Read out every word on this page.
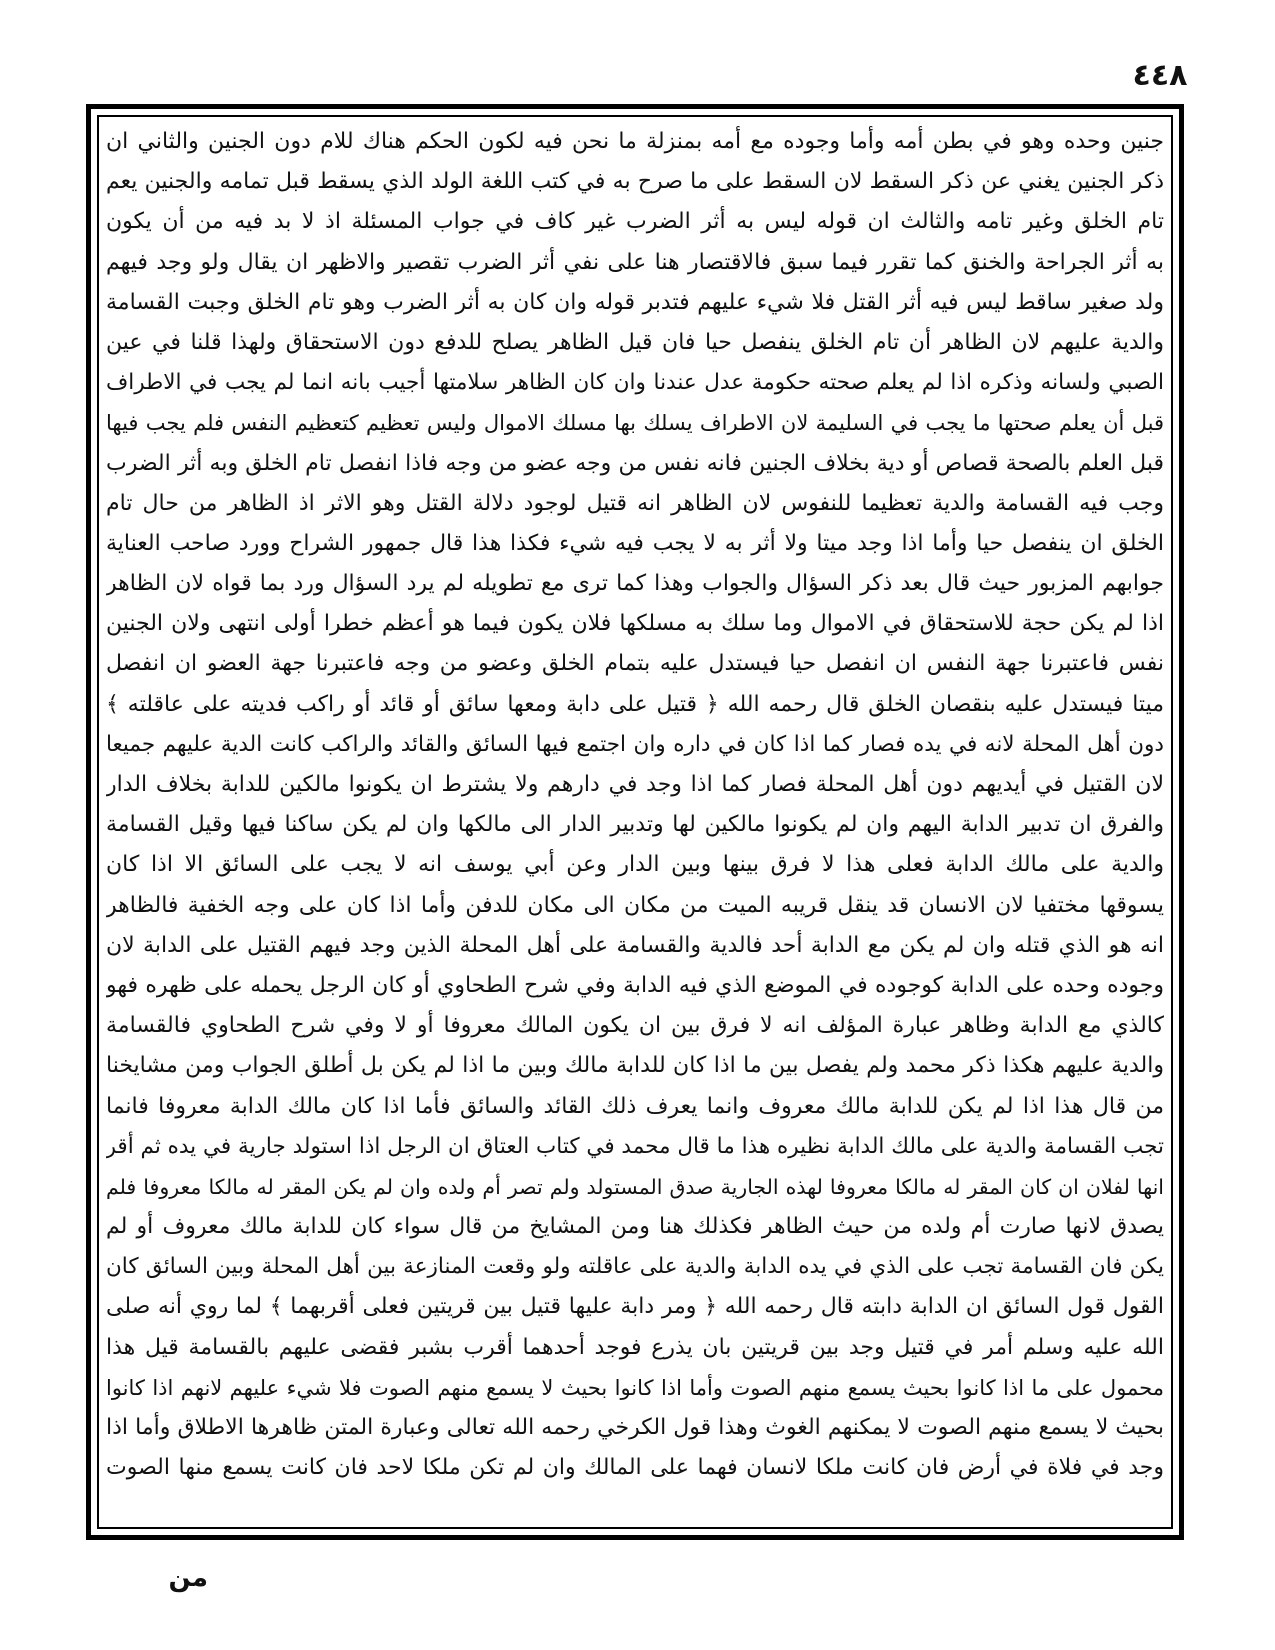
٤٤٨
جنين وحده وهو في بطن أمه وأما وجوده مع أمه بمنزلة ما نحن فيه لكون الحكم هناك للام دون الجنين والثاني ان
ذكر الجنين يغني عن ذكر السقط لان السقط على ما صرح به في كتب اللغة الولد الذي يسقط قبل تمامه والجنين يعم
تام الخلق وغير تامه والثالث ان قوله ليس به أثر الضرب غير كاف في جواب المسئلة اذ لا بد فيه من أن يكون
به أثر الجراحة والخنق كما تقرر فيما سبق فالاقتصار هنا على نفي أثر الضرب تقصير والاظهر ان يقال ولو وجد فيهم
ولد صغير ساقط ليس فيه أثر القتل فلا شيء عليهم فتدبر قوله وان كان به أثر الضرب وهو تام الخلق وجبت القسامة
والدية عليهم لان الظاهر أن تام الخلق ينفصل حيا فان قيل الظاهر يصلح للدفع دون الاستحقاق ولهذا قلنا في عين
الصبي ولسانه وذكره اذا لم يعلم صحته حكومة عدل عندنا وان كان الظاهر سلامتها أجيب بانه انما لم يجب في الاطراف
قبل أن يعلم صحتها ما يجب في السليمة لان الاطراف يسلك بها مسلك الاموال وليس تعظيم كتعظيم النفس فلم يجب فيها
قبل العلم بالصحة قصاص أو دية بخلاف الجنين فانه نفس من وجه عضو من وجه فاذا انفصل تام الخلق وبه أثر الضرب
وجب فيه القسامة والدية تعظيما للنفوس لان الظاهر انه قتيل لوجود دلالة القتل وهو الاثر اذ الظاهر من حال تام
الخلق ان ينفصل حيا وأما اذا وجد ميتا ولا أثر به لا يجب فيه شيء فكذا هذا قال جمهور الشراح وورد صاحب العناية
جوابهم المزبور حيث قال بعد ذكر السؤال والجواب وهذا كما ترى مع تطويله لم يرد السؤال ورد بما قواه لان الظاهر
اذا لم يكن حجة للاستحقاق في الاموال وما سلك به مسلكها فلان يكون فيما هو أعظم خطرا أولى انتهى ولان الجنين
نفس فاعتبرنا جهة النفس ان انفصل حيا فيستدل عليه بتمام الخلق وعضو من وجه فاعتبرنا جهة العضو ان انفصل
ميتا فيستدل عليه بنقصان الخلق قال رحمه الله ﴿ قتيل على دابة ومعها سائق أو قائد أو راكب فديته على عاقلته ﴾
دون أهل المحلة لانه في يده فصار كما اذا كان في داره وان اجتمع فيها السائق والقائد والراكب كانت الدية عليهم جميعا
لان القتيل في أيديهم دون أهل المحلة فصار كما اذا وجد في دارهم ولا يشترط ان يكونوا مالكين للدابة بخلاف الدار
والفرق ان تدبير الدابة اليهم وان لم يكونوا مالكين لها وتدبير الدار الى مالكها وان لم يكن ساكنا فيها وقيل القسامة
والدية على مالك الدابة فعلى هذا لا فرق بينها وبين الدار وعن أبي يوسف انه لا يجب على السائق الا اذا كان
يسوقها مختفيا لان الانسان قد ينقل قريبه الميت من مكان الى مكان للدفن وأما اذا كان على وجه الخفية فالظاهر
انه هو الذي قتله وان لم يكن مع الدابة أحد فالدية والقسامة على أهل المحلة الذين وجد فيهم القتيل على الدابة لان
وجوده وحده على الدابة كوجوده في الموضع الذي فيه الدابة وفي شرح الطحاوي أو كان الرجل يحمله على ظهره فهو
كالذي مع الدابة وظاهر عبارة المؤلف انه لا فرق بين ان يكون المالك معروفا أو لا وفي شرح الطحاوي فالقسامة
والدية عليهم هكذا ذكر محمد ولم يفصل بين ما اذا كان للدابة مالك وبين ما اذا لم يكن بل أطلق الجواب ومن مشايخنا
من قال هذا اذا لم يكن للدابة مالك معروف وانما يعرف ذلك القائد والسائق فأما اذا كان مالك الدابة معروفا فانما
تجب القسامة والدية على مالك الدابة نظيره هذا ما قال محمد في كتاب العتاق ان الرجل اذا استولد جارية في يده ثم أقر
انها لفلان ان كان المقر له مالكا معروفا لهذه الجارية صدق المستولد ولم تصر أم ولده وان لم يكن المقر له مالكا معروفا فلم
يصدق لانها صارت أم ولده من حيث الظاهر فكذلك هنا ومن المشايخ من قال سواء كان للدابة مالك معروف أو لم
يكن فان القسامة تجب على الذي في يده الدابة والدية على عاقلته ولو وقعت المنازعة بين أهل المحلة وبين السائق كان
القول قول السائق ان الدابة دابته قال رحمه الله ﴿ ومر دابة عليها قتيل بين قريتين فعلى أقربهما ﴾ لما روي أنه صلى
الله عليه وسلم أمر في قتيل وجد بين قريتين بان يذرع فوجد أحدهما أقرب بشبر فقضى عليهم بالقسامة قيل هذا
محمول على ما اذا كانوا بحيث يسمع منهم الصوت وأما اذا كانوا بحيث لا يسمع منهم الصوت فلا شيء عليهم لانهم اذا كانوا
بحيث لا يسمع منهم الصوت لا يمكنهم الغوث وهذا قول الكرخي رحمه الله تعالى وعبارة المتن ظاهرها الاطلاق وأما اذا
وجد في فلاة في أرض فان كانت ملكا لانسان فهما على المالك وان لم تكن ملكا لاحد فان كانت يسمع منها الصوت
من
